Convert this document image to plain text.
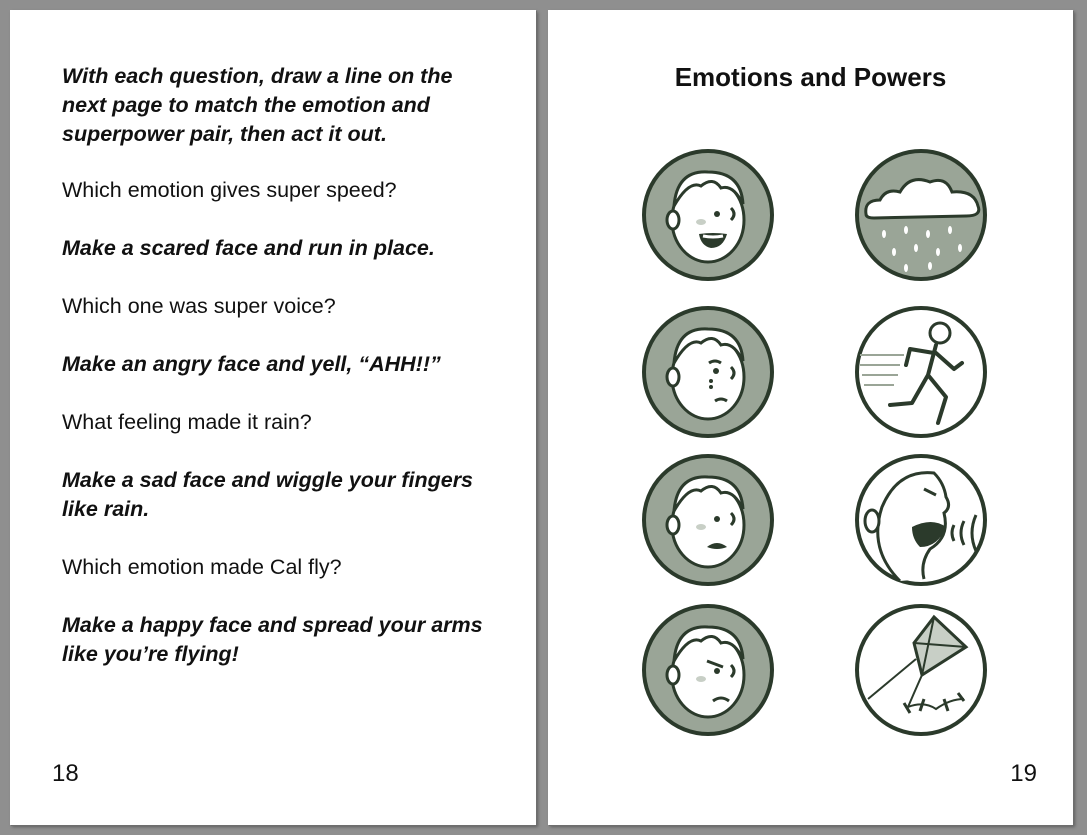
With each question, draw a line on the next page to match the emotion and superpower pair, then act it out.
Which emotion gives super speed?
Make a scared face and run in place.
Which one was super voice?
Make an angry face and yell, “AHH!!”
What feeling made it rain?
Make a sad face and wiggle your fingers like rain.
Which emotion made Cal fly?
Make a happy face and spread your arms like you’re flying!
18
Emotions and Powers
19
